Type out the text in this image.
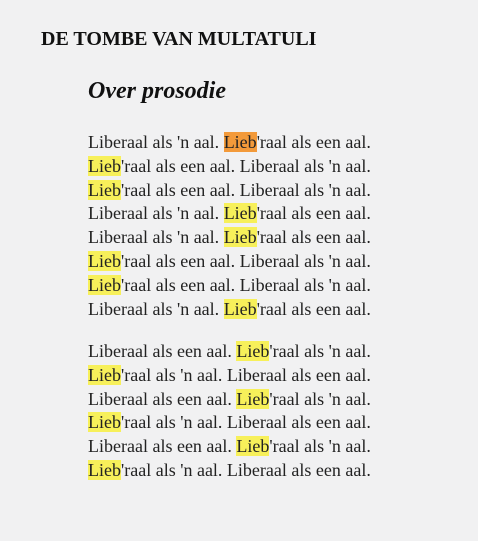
DE TOMBE VAN MULTATULI
Over prosodie
Liberaal als 'n aal. Lieb'raal als een aal.
Lieb'raal als een aal. Liberaal als 'n aal.
Lieb'raal als een aal. Liberaal als 'n aal.
Liberaal als 'n aal. Lieb'raal als een aal.
Liberaal als 'n aal. Lieb'raal als een aal.
Lieb'raal als een aal. Liberaal als 'n aal.
Lieb'raal als een aal. Liberaal als 'n aal.
Liberaal als 'n aal. Lieb'raal als een aal.
Liberaal als een aal. Lieb'raal als 'n aal.
Lieb'raal als 'n aal. Liberaal als een aal.
Liberaal als een aal. Lieb'raal als 'n aal.
Lieb'raal als 'n aal. Liberaal als een aal.
Liberaal als een aal. Lieb'raal als 'n aal.
Lieb'raal als 'n aal. Liberaal als een aal.
